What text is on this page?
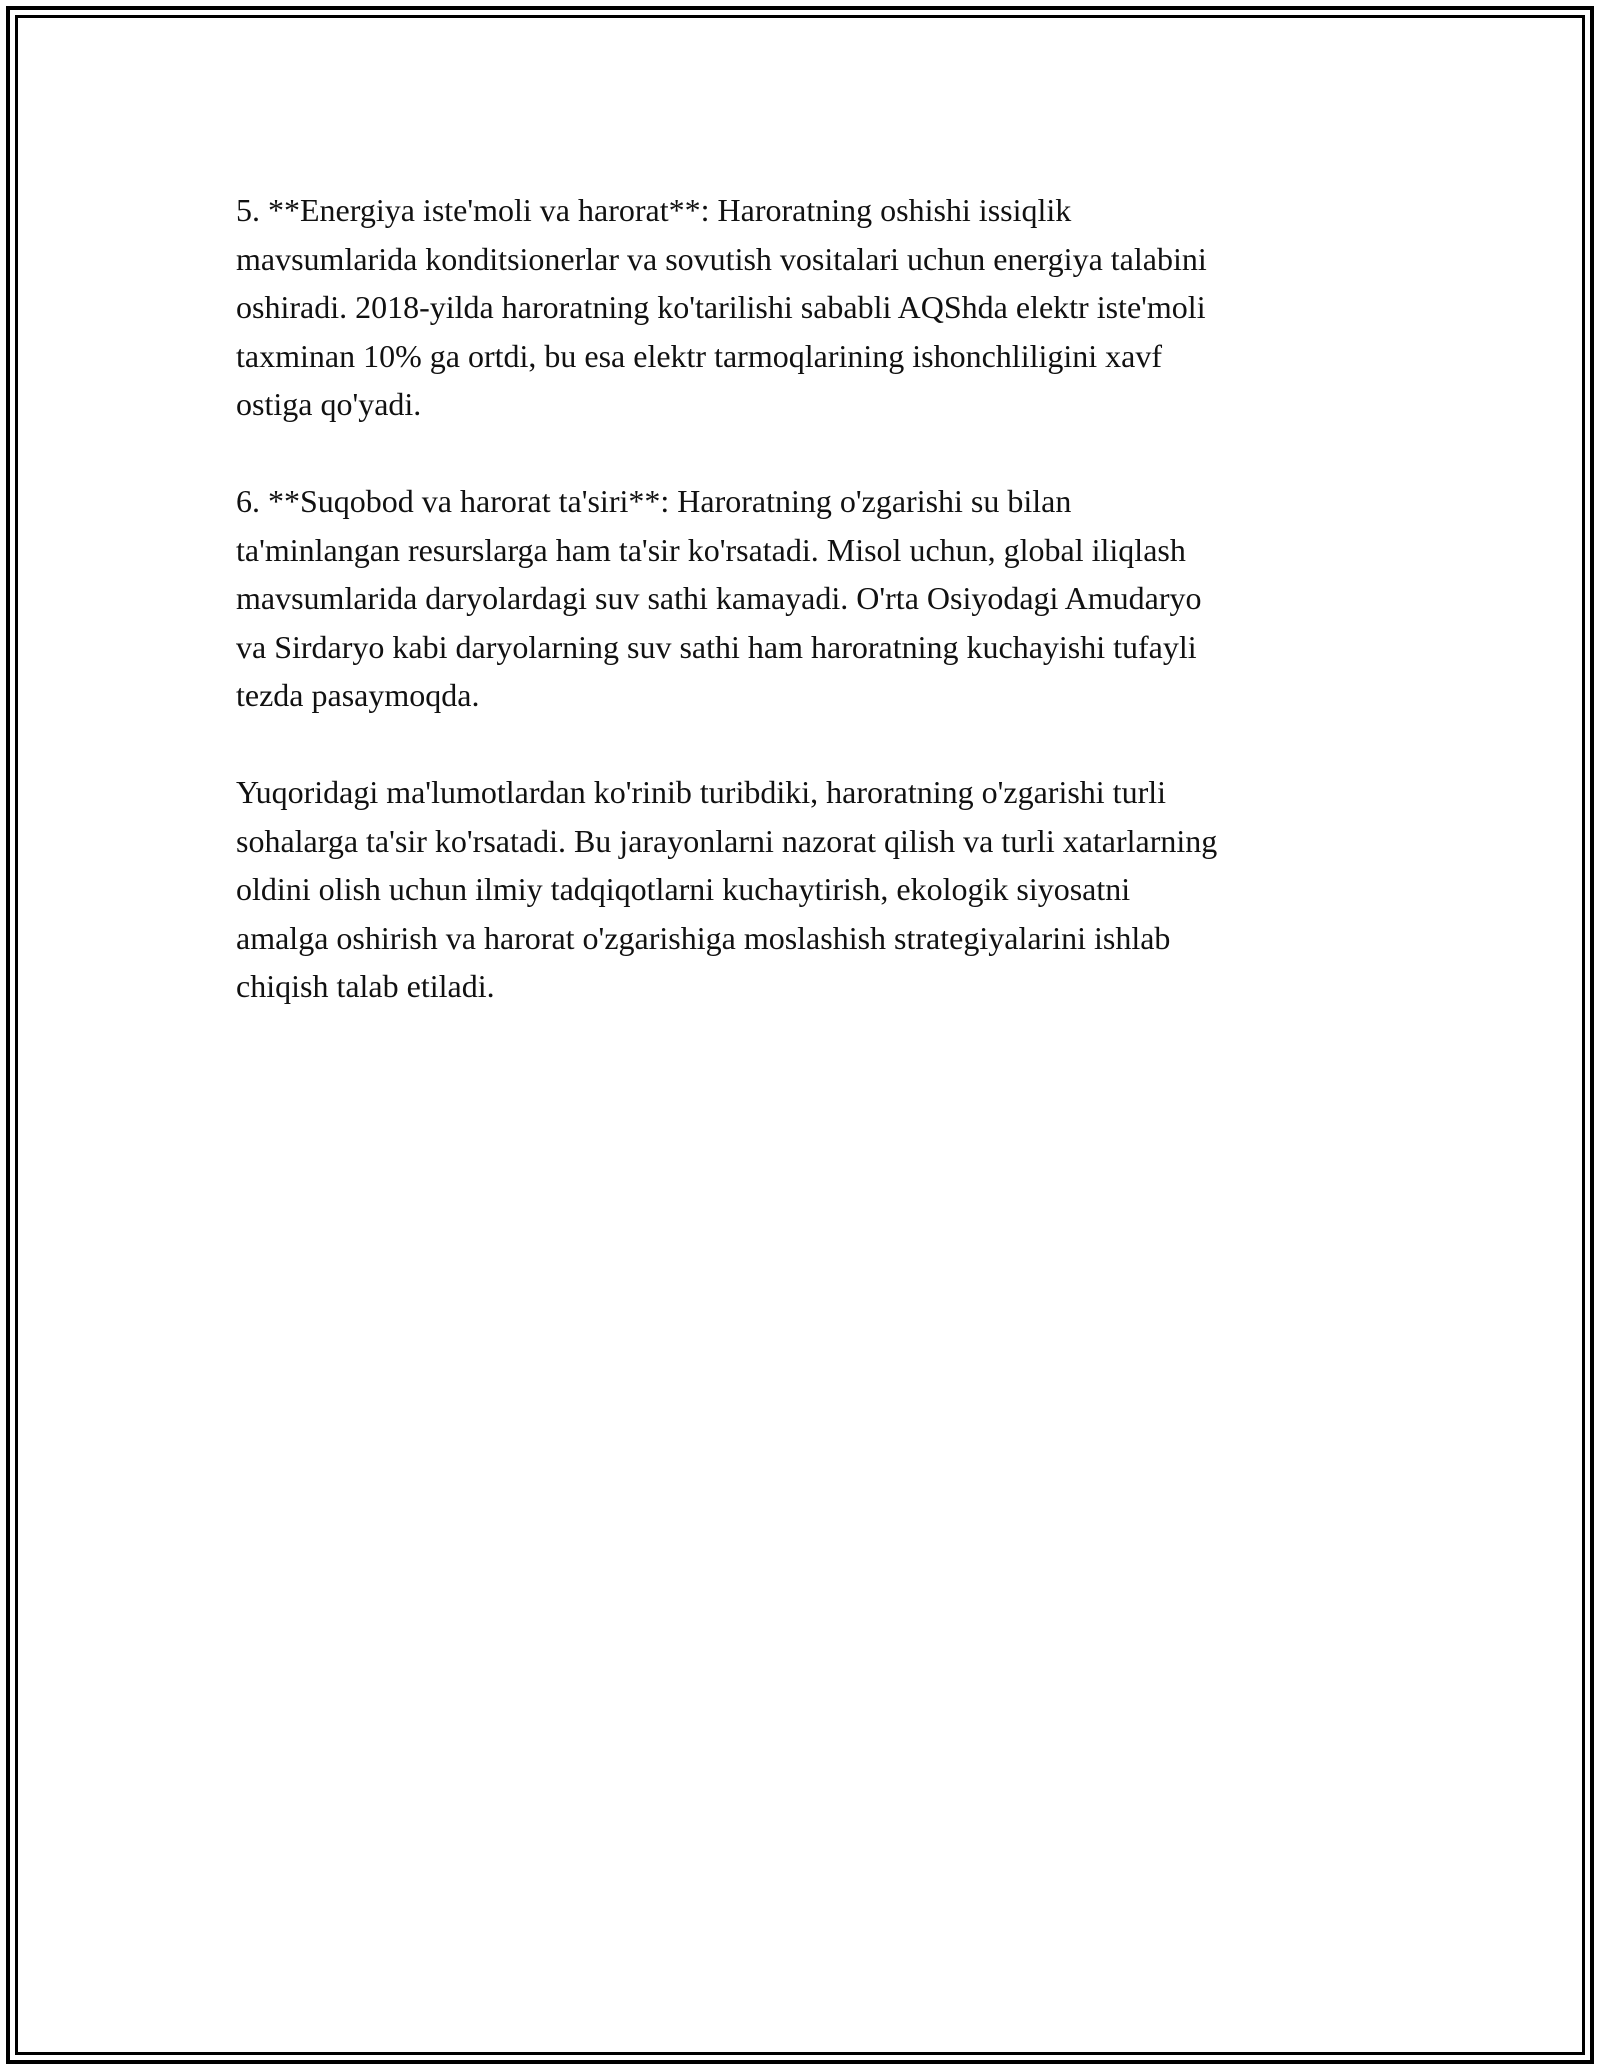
5. **Energiya iste'moli va harorat**: Haroratning oshishi issiqlik
mavsumlarida konditsionerlar va sovutish vositalari uchun energiya talabini
oshiradi. 2018-yilda haroratning ko'tarilishi sababli AQShda elektr iste'moli
taxminan 10% ga ortdi, bu esa elektr tarmoqlarining ishonchliligini xavf
ostiga qo'yadi.

6. **Suqobod va harorat ta'siri**: Haroratning o'zgarishi su bilan
ta'minlangan resurslarga ham ta'sir ko'rsatadi. Misol uchun, global iliqlash
mavsumlarida daryolardagi suv sathi kamayadi. O'rta Osiyodagi Amudaryo
va Sirdaryo kabi daryolarning suv sathi ham haroratning kuchayishi tufayli
tezda pasaymoqda.

Yuqoridagi ma'lumotlardan ko'rinib turibdiki, haroratning o'zgarishi turli
sohalarga ta'sir ko'rsatadi. Bu jarayonlarni nazorat qilish va turli xatarlarning
oldini olish uchun ilmiy tadqiqotlarni kuchaytirish, ekologik siyosatni
amalga oshirish va harorat o'zgarishiga moslashish strategiyalarini ishlab
chiqish talab etiladi.
